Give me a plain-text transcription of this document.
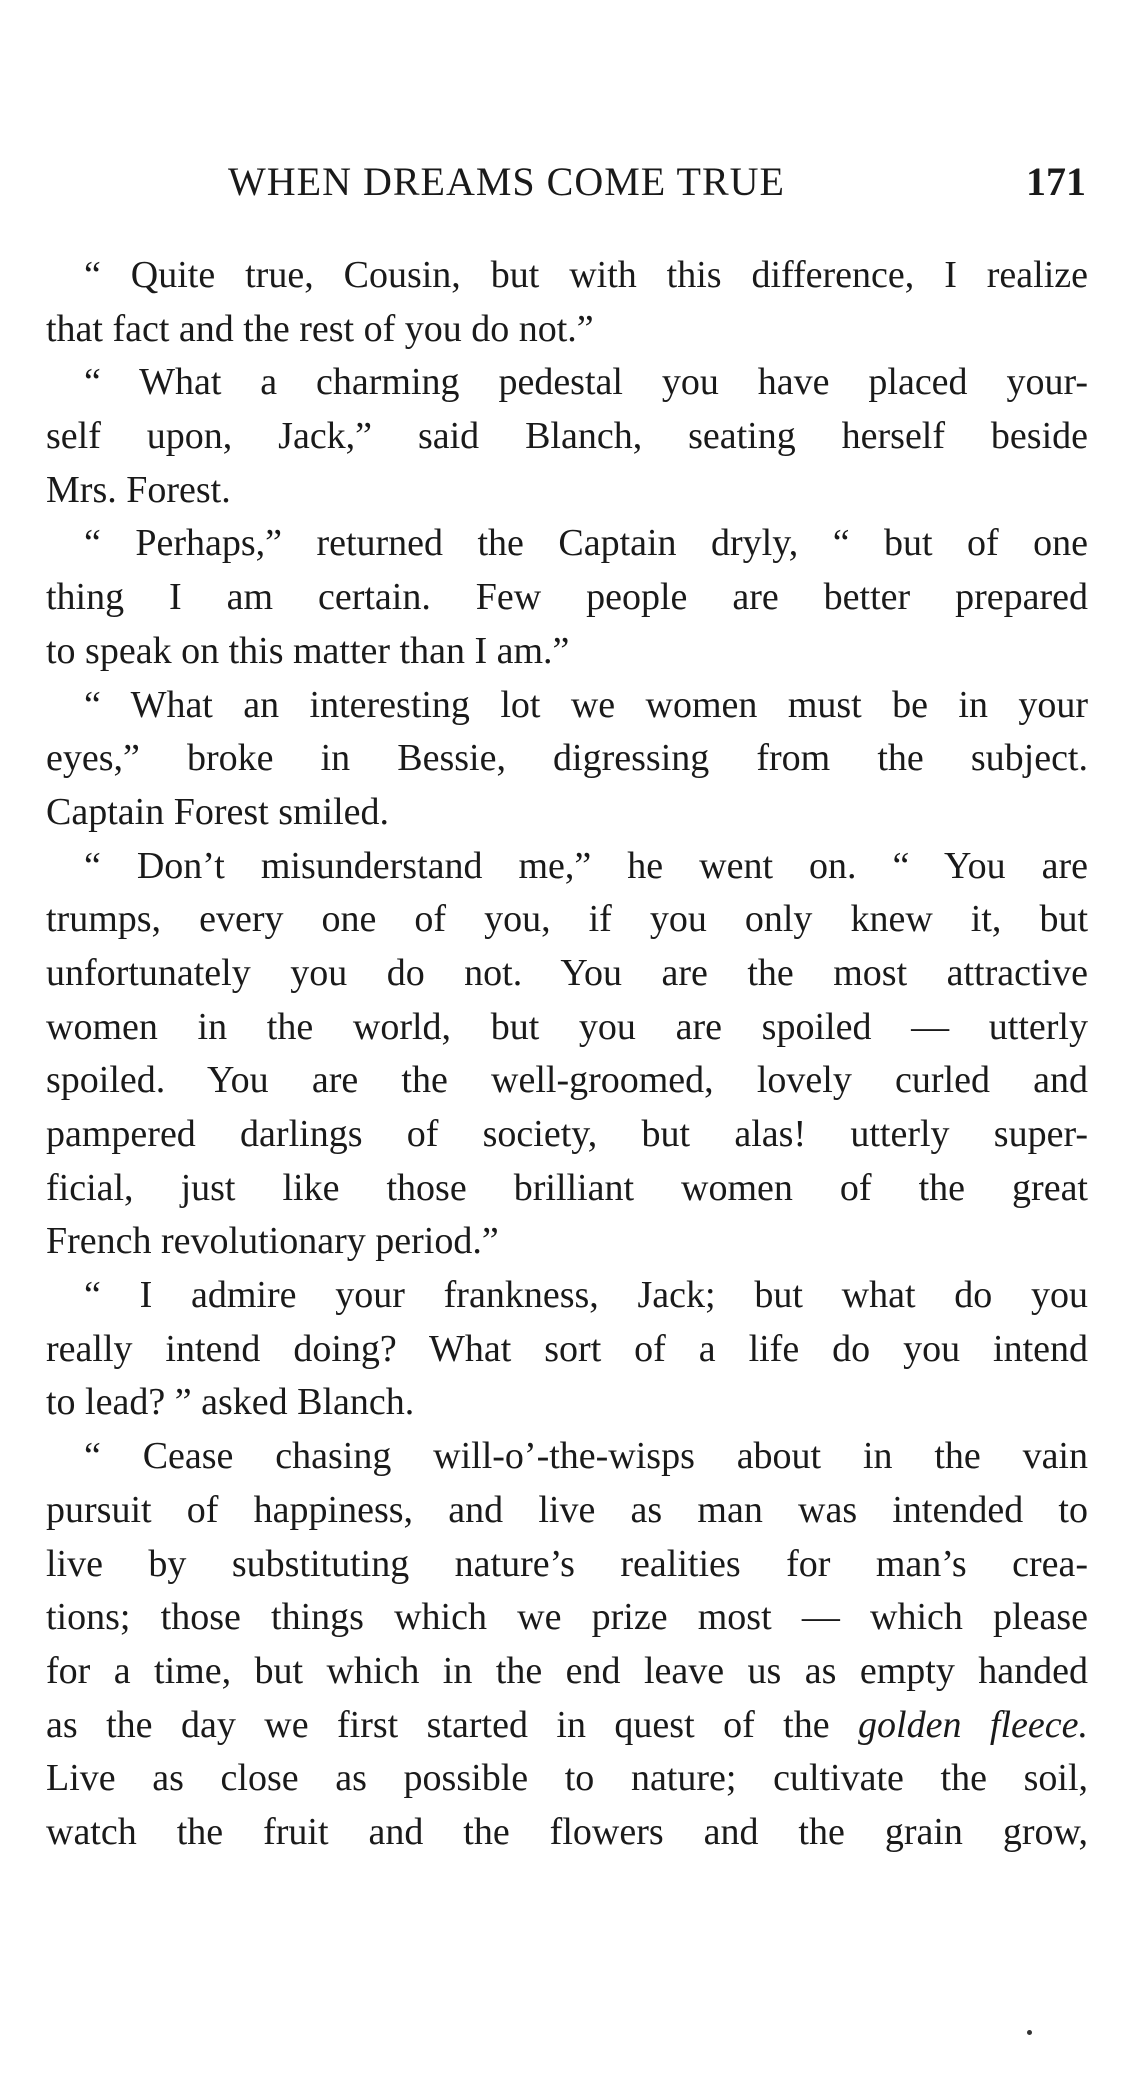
WHEN DREAMS COME TRUE	171
“ Quite true, Cousin, but with this difference, I realize
that fact and the rest of you do not.”
“ What a charming pedestal you have placed your-
self upon, Jack,” said Blanch, seating herself beside
Mrs. Forest.
“ Perhaps,” returned the Captain dryly, “ but of one
thing I am certain. Few people are better prepared
to speak on this matter than I am.”
“ What an interesting lot we women must be in your
eyes,” broke in Bessie, digressing from the subject.
Captain Forest smiled.
“ Don’t misunderstand me,” he went on. “ You are
trumps, every one of you, if you only knew it, but
unfortunately you do not. You are the most attractive
women in the world, but you are spoiled — utterly
spoiled. You are the well-groomed, lovely curled and
pampered darlings of society, but alas! utterly super-
ficial, just like those brilliant women of the great
French revolutionary period.”
“ I admire your frankness, Jack; but what do you
really intend doing? What sort of a life do you intend
to lead? ” asked Blanch.
“ Cease chasing will-o’-the-wisps about in the vain
pursuit of happiness, and live as man was intended to
live by substituting nature’s realities for man’s crea-
tions; those things which we prize most — which please
for a time, but which in the end leave us as empty handed
as the day we first started in quest of the golden fleece.
Live as close as possible to nature; cultivate the soil,
watch the fruit and the flowers and the grain grow,
